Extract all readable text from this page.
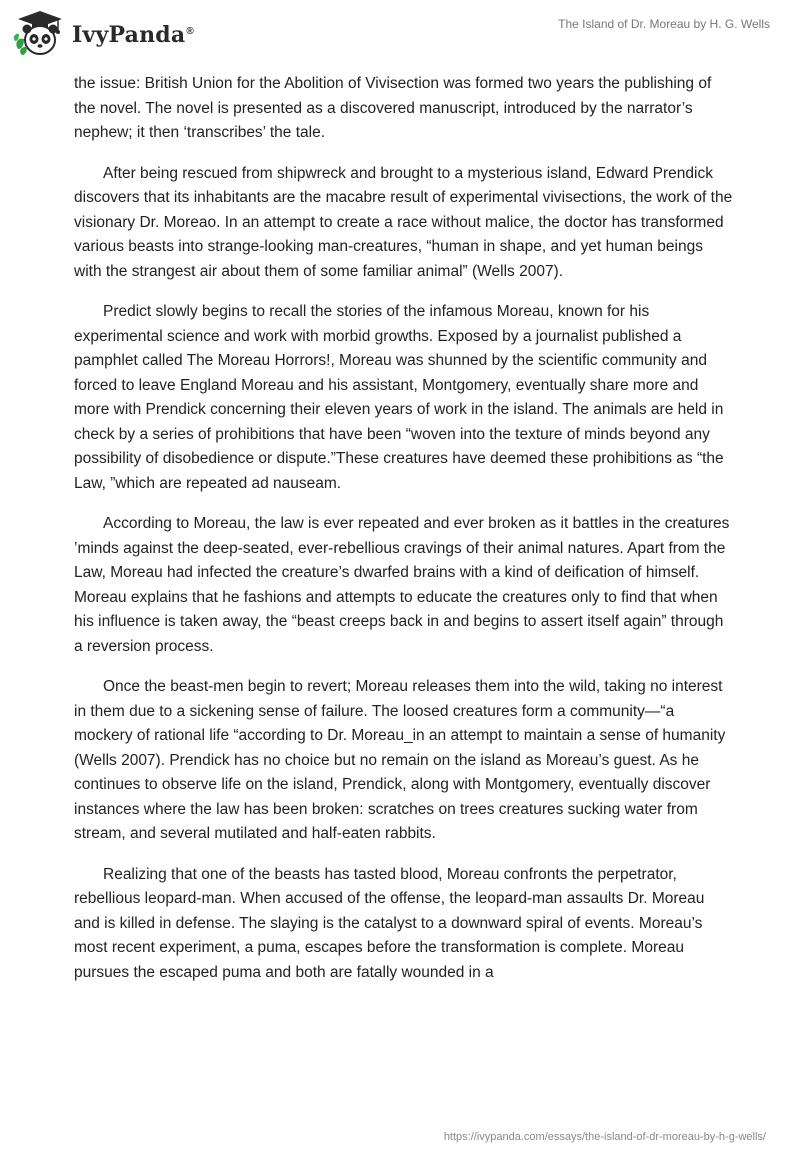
IvyPanda®
The Island of Dr. Moreau by H. G. Wells

the issue: British Union for the Abolition of Vivisection was formed two years the publishing of the novel. The novel is presented as a discovered manuscript, introduced by the narrator’s nephew; it then ‘transcribes’ the tale.

After being rescued from shipwreck and brought to a mysterious island, Edward Prendick discovers that its inhabitants are the macabre result of experimental vivisections, the work of the visionary Dr. Moreao. In an attempt to create a race without malice, the doctor has transformed various beasts into strange-looking man-creatures, “human in shape, and yet human beings with the strangest air about them of some familiar animal” (Wells 2007).

Predict slowly begins to recall the stories of the infamous Moreau, known for his experimental science and work with morbid growths. Exposed by a journalist published a pamphlet called The Moreau Horrors!, Moreau was shunned by the scientific community and forced to leave England Moreau and his assistant, Montgomery, eventually share more and more with Prendick concerning their eleven years of work in the island. The animals are held in check by a series of prohibitions that have been “woven into the texture of minds beyond any possibility of disobedience or dispute.”These creatures have deemed these prohibitions as “the Law, ”which are repeated ad nauseam.

According to Moreau, the law is ever repeated and ever broken as it battles in the creatures ’minds against the deep-seated, ever-rebellious cravings of their animal natures. Apart from the Law, Moreau had infected the creature’s dwarfed brains with a kind of deification of himself. Moreau explains that he fashions and attempts to educate the creatures only to find that when his influence is taken away, the “beast creeps back in and begins to assert itself again” through a reversion process.

Once the beast-men begin to revert; Moreau releases them into the wild, taking no interest in them due to a sickening sense of failure. The loosed creatures form a community—“a mockery of rational life “according to Dr. Moreau_in an attempt to maintain a sense of humanity (Wells 2007). Prendick has no choice but no remain on the island as Moreau’s guest. As he continues to observe life on the island, Prendick, along with Montgomery, eventually discover instances where the law has been broken: scratches on trees creatures sucking water from stream, and several mutilated and half-eaten rabbits.

Realizing that one of the beasts has tasted blood, Moreau confronts the perpetrator, rebellious leopard-man. When accused of the offense, the leopard-man assaults Dr. Moreau and is killed in defense. The slaying is the catalyst to a downward spiral of events. Moreau’s most recent experiment, a puma, escapes before the transformation is complete. Moreau pursues the escaped puma and both are fatally wounded in a

https://ivypanda.com/essays/the-island-of-dr-moreau-by-h-g-wells/
